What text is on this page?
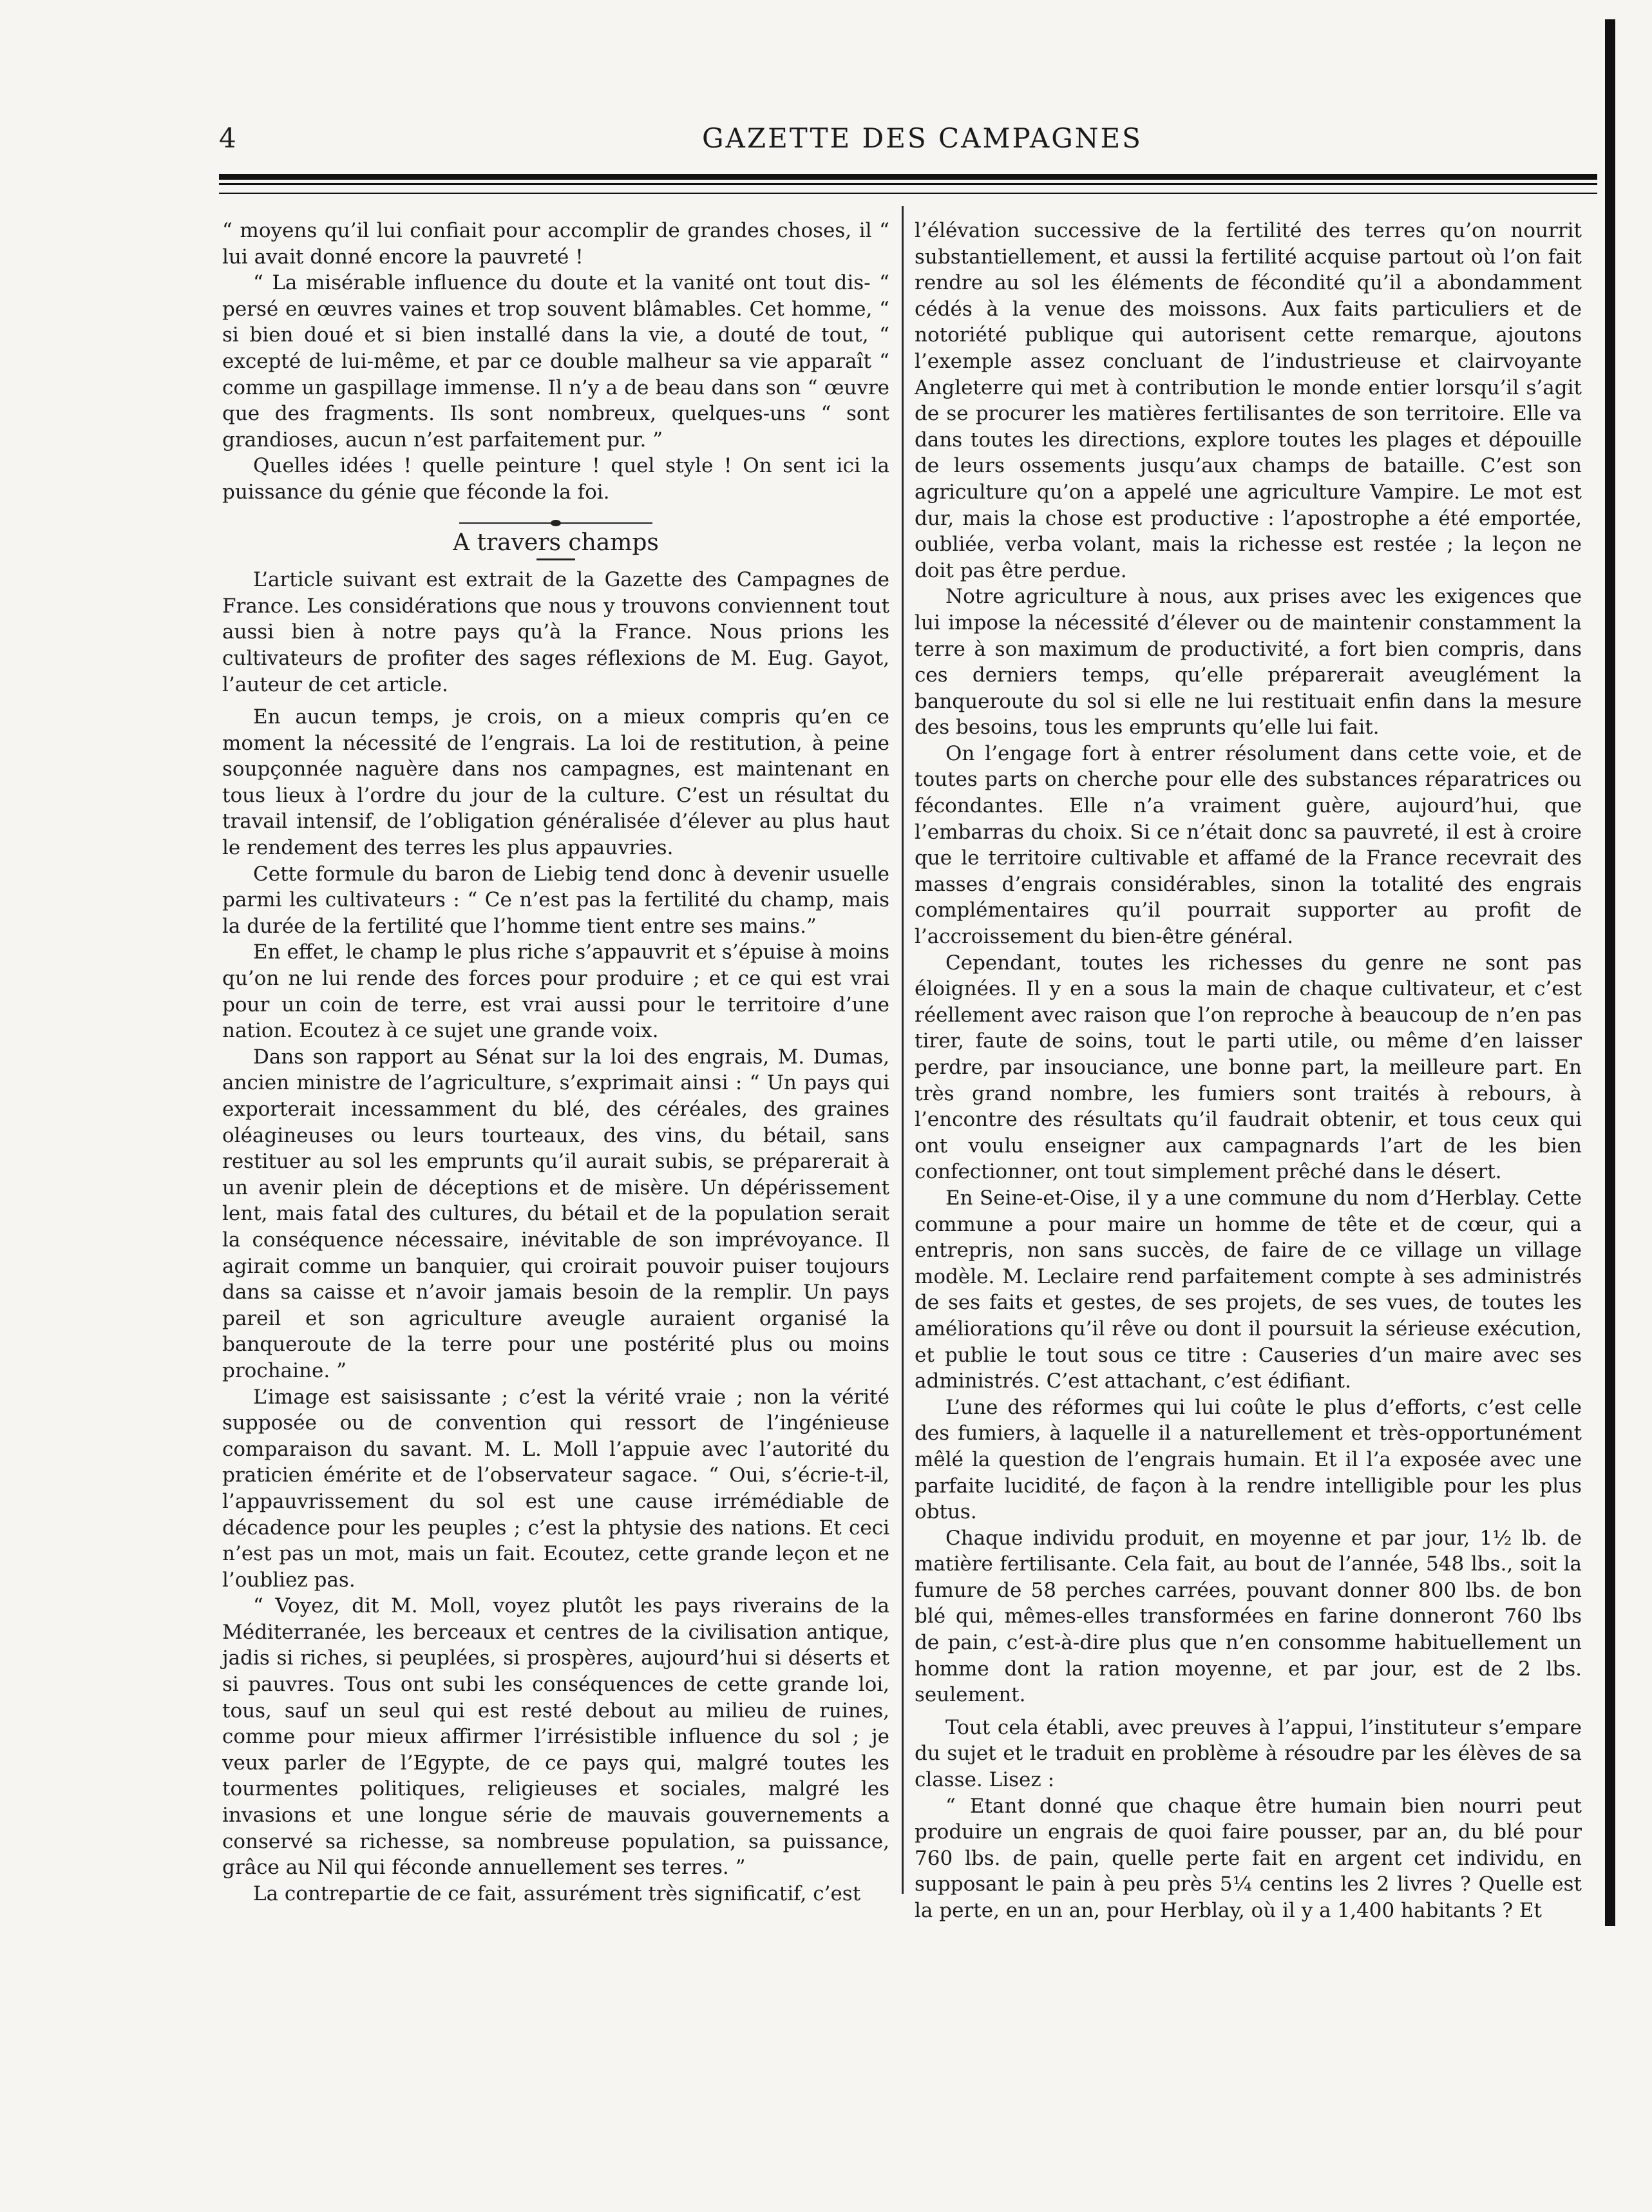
4	GAZETTE DES CAMPAGNES

“ moyens qu’il lui confiait pour accomplir de grandes choses, il “ lui avait donné encore la pauvreté !

“ La misérable influence du doute et la vanité ont tout dis- “ persé en œuvres vaines et trop souvent blâmables. Cet homme, “ si bien doué et si bien installé dans la vie, a douté de tout, “ excepté de lui-même, et par ce double malheur sa vie apparaît “ comme un gaspillage immense. Il n’y a de beau dans son “ œuvre que des fragments. Ils sont nombreux, quelques-uns “ sont grandioses, aucun n’est parfaitement pur. ”

Quelles idées ! quelle peinture ! quel style ! On sent ici la puissance du génie que féconde la foi.

A travers champs

L’article suivant est extrait de la Gazette des Campagnes de France. Les considérations que nous y trouvons conviennent tout aussi bien à notre pays qu’à la France. Nous prions les cultivateurs de profiter des sages réflexions de M. Eug. Gayot, l’auteur de cet article.

En aucun temps, je crois, on a mieux compris qu’en ce moment la nécessité de l’engrais. La loi de restitution, à peine soupçonnée naguère dans nos campagnes, est maintenant en tous lieux à l’ordre du jour de la culture. C’est un résultat du travail intensif, de l’obligation généralisée d’élever au plus haut le rendement des terres les plus appauvries.

Cette formule du baron de Liebig tend donc à devenir usuelle parmi les cultivateurs : “ Ce n’est pas la fertilité du champ, mais la durée de la fertilité que l’homme tient entre ses mains.”

En effet, le champ le plus riche s’appauvrit et s’épuise à moins qu’on ne lui rende des forces pour produire ; et ce qui est vrai pour un coin de terre, est vrai aussi pour le territoire d’une nation. Ecoutez à ce sujet une grande voix.

Dans son rapport au Sénat sur la loi des engrais, M. Dumas, ancien ministre de l’agriculture, s’exprimait ainsi : “ Un pays qui exporterait incessamment du blé, des céréales, des graines oléagineuses ou leurs tourteaux, des vins, du bétail, sans restituer au sol les emprunts qu’il aurait subis, se préparerait à un avenir plein de déceptions et de misère. Un dépérissement lent, mais fatal des cultures, du bétail et de la population serait la conséquence nécessaire, inévitable de son imprévoyance. Il agirait comme un banquier, qui croirait pouvoir puiser toujours dans sa caisse et n’avoir jamais besoin de la remplir. Un pays pareil et son agriculture aveugle auraient organisé la banqueroute de la terre pour une postérité plus ou moins prochaine. ”

L’image est saisissante ; c’est la vérité vraie ; non la vérité supposée ou de convention qui ressort de l’ingénieuse comparaison du savant. M. L. Moll l’appuie avec l’autorité du praticien émérite et de l’observateur sagace. “ Oui, s’écrie-t-il, l’appauvrissement du sol est une cause irrémédiable de décadence pour les peuples ; c’est la phtysie des nations. Et ceci n’est pas un mot, mais un fait. Ecoutez, cette grande leçon et ne l’oubliez pas.

“ Voyez, dit M. Moll, voyez plutôt les pays riverains de la Méditerranée, les berceaux et centres de la civilisation antique, jadis si riches, si peuplées, si prospères, aujourd’hui si déserts et si pauvres. Tous ont subi les conséquences de cette grande loi, tous, sauf un seul qui est resté debout au milieu de ruines, comme pour mieux affirmer l’irrésistible influence du sol ; je veux parler de l’Egypte, de ce pays qui, malgré toutes les tourmentes politiques, religieuses et sociales, malgré les invasions et une longue série de mauvais gouvernements a conservé sa richesse, sa nombreuse population, sa puissance, grâce au Nil qui féconde annuellement ses terres. ”

La contrepartie de ce fait, assurément très significatif, c’est

l’élévation successive de la fertilité des terres qu’on nourrit substantiellement, et aussi la fertilité acquise partout où l’on fait rendre au sol les éléments de fécondité qu’il a abondamment cédés à la venue des moissons. Aux faits particuliers et de notoriété publique qui autorisent cette remarque, ajoutons l’exemple assez concluant de l’industrieuse et clairvoyante Angleterre qui met à contribution le monde entier lorsqu’il s’agit de se procurer les matières fertilisantes de son territoire. Elle va dans toutes les directions, explore toutes les plages et dépouille de leurs ossements jusqu’aux champs de bataille. C’est son agriculture qu’on a appelé une agriculture Vampire. Le mot est dur, mais la chose est productive : l’apostrophe a été emportée, oubliée, verba volant, mais la richesse est restée ; la leçon ne doit pas être perdue.

Notre agriculture à nous, aux prises avec les exigences que lui impose la nécessité d’élever ou de maintenir constamment la terre à son maximum de productivité, a fort bien compris, dans ces derniers temps, qu’elle préparerait aveuglément la banqueroute du sol si elle ne lui restituait enfin dans la mesure des besoins, tous les emprunts qu’elle lui fait.

On l’engage fort à entrer résolument dans cette voie, et de toutes parts on cherche pour elle des substances réparatrices ou fécondantes. Elle n’a vraiment guère, aujourd’hui, que l’embarras du choix. Si ce n’était donc sa pauvreté, il est à croire que le territoire cultivable et affamé de la France recevrait des masses d’engrais considérables, sinon la totalité des engrais complémentaires qu’il pourrait supporter au profit de l’accroissement du bien-être général.

Cependant, toutes les richesses du genre ne sont pas éloignées. Il y en a sous la main de chaque cultivateur, et c’est réellement avec raison que l’on reproche à beaucoup de n’en pas tirer, faute de soins, tout le parti utile, ou même d’en laisser perdre, par insouciance, une bonne part, la meilleure part. En très grand nombre, les fumiers sont traités à rebours, à l’encontre des résultats qu’il faudrait obtenir, et tous ceux qui ont voulu enseigner aux campagnards l’art de les bien confectionner, ont tout simplement prêché dans le désert.

En Seine-et-Oise, il y a une commune du nom d’Herblay. Cette commune a pour maire un homme de tête et de cœur, qui a entrepris, non sans succès, de faire de ce village un village modèle. M. Leclaire rend parfaitement compte à ses administrés de ses faits et gestes, de ses projets, de ses vues, de toutes les améliorations qu’il rêve ou dont il poursuit la sérieuse exécution, et publie le tout sous ce titre : Causeries d’un maire avec ses administrés. C’est attachant, c’est édifiant.

L’une des réformes qui lui coûte le plus d’efforts, c’est celle des fumiers, à laquelle il a naturellement et très-opportunément mêlé la question de l’engrais humain. Et il l’a exposée avec une parfaite lucidité, de façon à la rendre intelligible pour les plus obtus.

Chaque individu produit, en moyenne et par jour, 1½ lb. de matière fertilisante. Cela fait, au bout de l’année, 548 lbs., soit la fumure de 58 perches carrées, pouvant donner 800 lbs. de bon blé qui, mêmes-elles transformées en farine donneront 760 lbs de pain, c’est-à-dire plus que n’en consomme habituellement un homme dont la ration moyenne, et par jour, est de 2 lbs. seulement.

Tout cela établi, avec preuves à l’appui, l’instituteur s’empare du sujet et le traduit en problème à résoudre par les élèves de sa classe. Lisez :

“ Etant donné que chaque être humain bien nourri peut produire un engrais de quoi faire pousser, par an, du blé pour 760 lbs. de pain, quelle perte fait en argent cet individu, en supposant le pain à peu près 5¼ centins les 2 livres ? Quelle est la perte, en un an, pour Herblay, où il y a 1,400 habitants ? Et
